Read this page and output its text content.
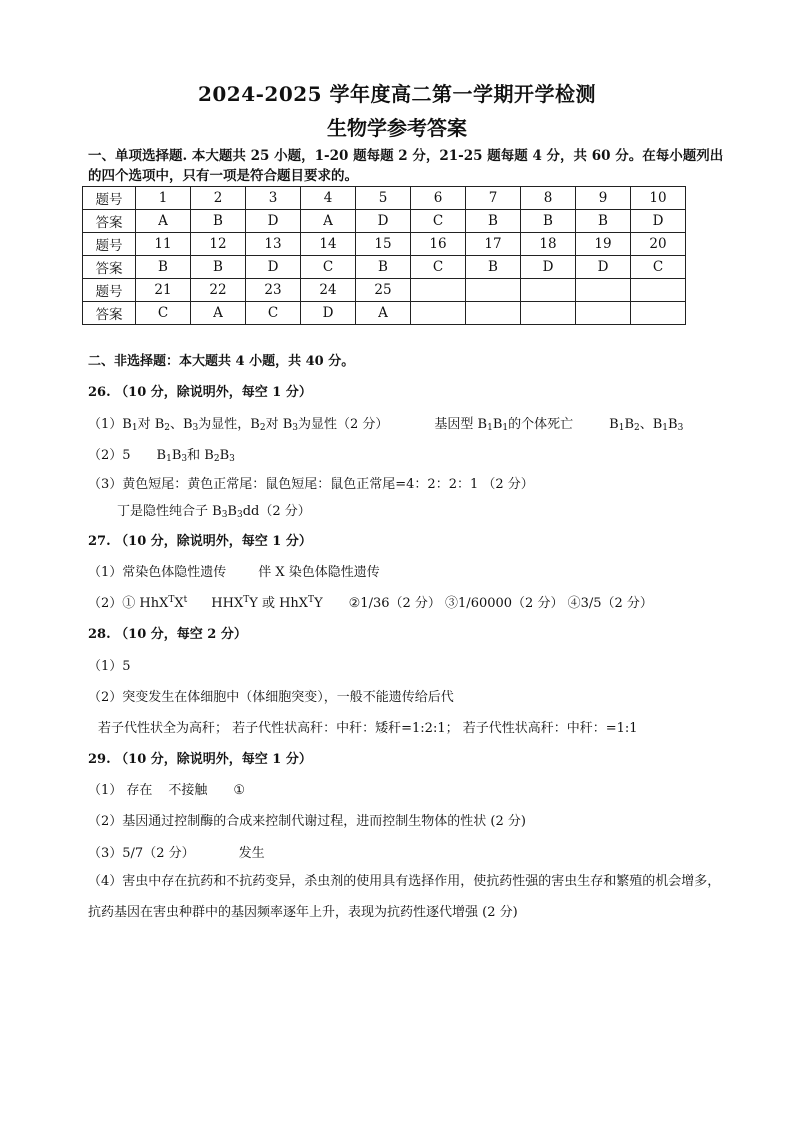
2024-2025 学年度高二第一学期开学检测
生物学参考答案
一、单项选择题. 本大题共 25 小题，1-20 题每题 2 分，21-25 题每题 4 分，共 60 分。在每小题列出的四个选项中，只有一项是符合题目要求的。
题号	1	2	3	4	5	6	7	8	9	10
答案	A	B	D	A	D	C	B	B	B	D
题号	11	12	13	14	15	16	17	18	19	20
答案	B	B	D	C	B	C	B	D	D	C
题号	21	22	23	24	25					
答案	C	A	C	D	A					
二、非选择题：本大题共 4 小题，共 40 分。
26. （10 分，除说明外，每空 1 分）
$(1)B_1$对 $B_2$、$B_3$为显性，$B_2$对 $B_3$为显性（2 分）	基因型 $B_1B_1$的个体死亡	$B_1B_2$、$B_1B_3$
（2）5 $B_1B_3$和 $B_2B_3$
（3）黄色短尾：黄色正常尾：鼠色短尾：鼠色正常尾=4：2：2：1 （2 分）
丁是隐性纯合子 $B_3B_3dd(2$ 分）
27. （10 分，除说明外，每空 1 分）
（1）常染色体隐性遗传 伴 X 染色体隐性遗传
（2）① $HhX^TX^t$ $HHX^TY$ 或 HhX$^T$Y ②1/36（2 分） ③1/60000（2 分） ④3/5（2 分）
28. （10 分，每空 2 分）
（1）5
（2）突变发生在体细胞中（体细胞突变），一般不能遗传给后代
若子代性状全为高秆； 若子代性状高秆：中秆：矮秆=1:2:1； 若子代性状高秆：中秆：=1:1
29. （10 分，除说明外，每空 1 分）
（1） 存在 不接触 ①
（2）基因通过控制酶的合成来控制代谢过程，进而控制生物体的性状 (2 分)
（3）5/7（2 分）	发生
（4）害虫中存在抗药和不抗药变异，杀虫剂的使用具有选择作用，使抗药性强的害虫生存和繁殖的机会增多，抗药基因在害虫种群中的基因频率逐年上升，表现为抗药性逐代增强 (2 分)
